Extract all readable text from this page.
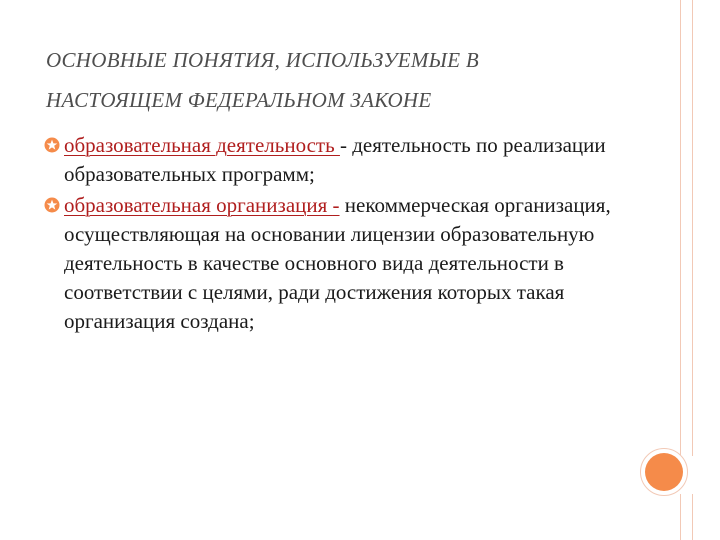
ОСНОВНЫЕ ПОНЯТИЯ, ИСПОЛЬЗУЕМЫЕ В
НАСТОЯЩЕМ ФЕДЕРАЛЬНОМ ЗАКОНЕ
образовательная деятельность - деятельность по реализации образовательных программ;
образовательная организация - некоммерческая организация, осуществляющая на основании лицензии образовательную деятельность в качестве основного вида деятельности в соответствии с целями, ради достижения которых такая организация создана;
